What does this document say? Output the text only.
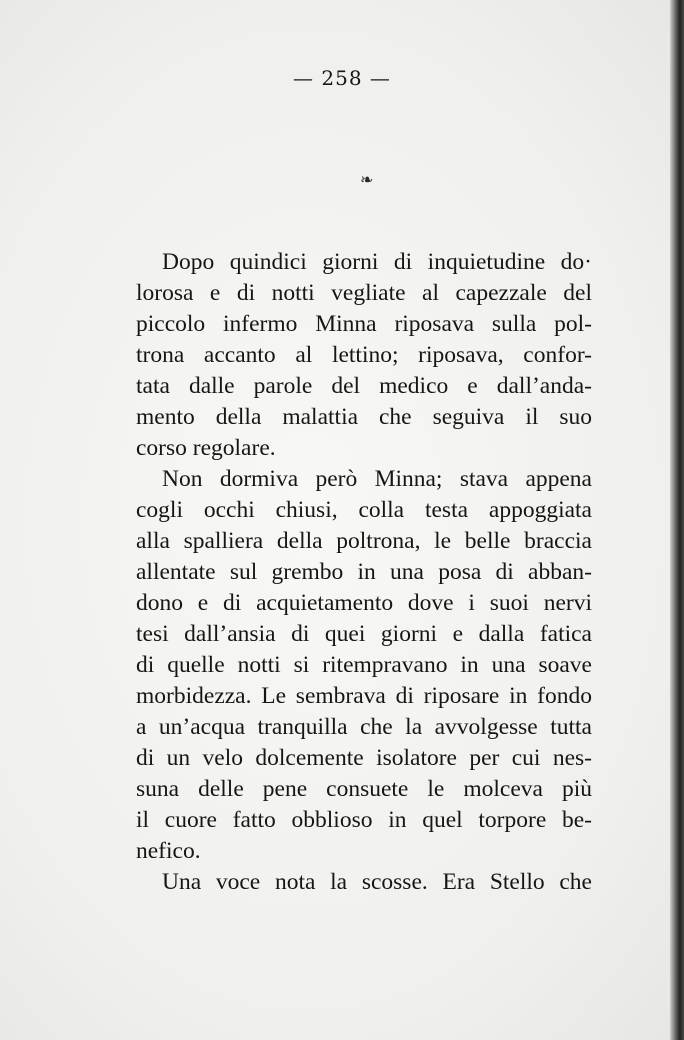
— 258 —
❧
Dopo quindici giorni di inquietudine do·
lorosa e di notti vegliate al capezzale del
piccolo infermo Minna riposava sulla pol-
trona accanto al lettino; riposava, confor-
tata dalle parole del medico e dall’anda-
mento della malattia che seguiva il suo
corso regolare.
Non dormiva però Minna; stava appena
cogli occhi chiusi, colla testa appoggiata
alla spalliera della poltrona, le belle braccia
allentate sul grembo in una posa di abban-
dono e di acquietamento dove i suoi nervi
tesi dall’ansia di quei giorni e dalla fatica
di quelle notti si ritempravano in una soave
morbidezza. Le sembrava di riposare in fondo
a un’acqua tranquilla che la avvolgesse tutta
di un velo dolcemente isolatore per cui nes-
suna delle pene consuete le molceva più
il cuore fatto obblioso in quel torpore be-
nefico.
Una voce nota la scosse. Era Stello che
